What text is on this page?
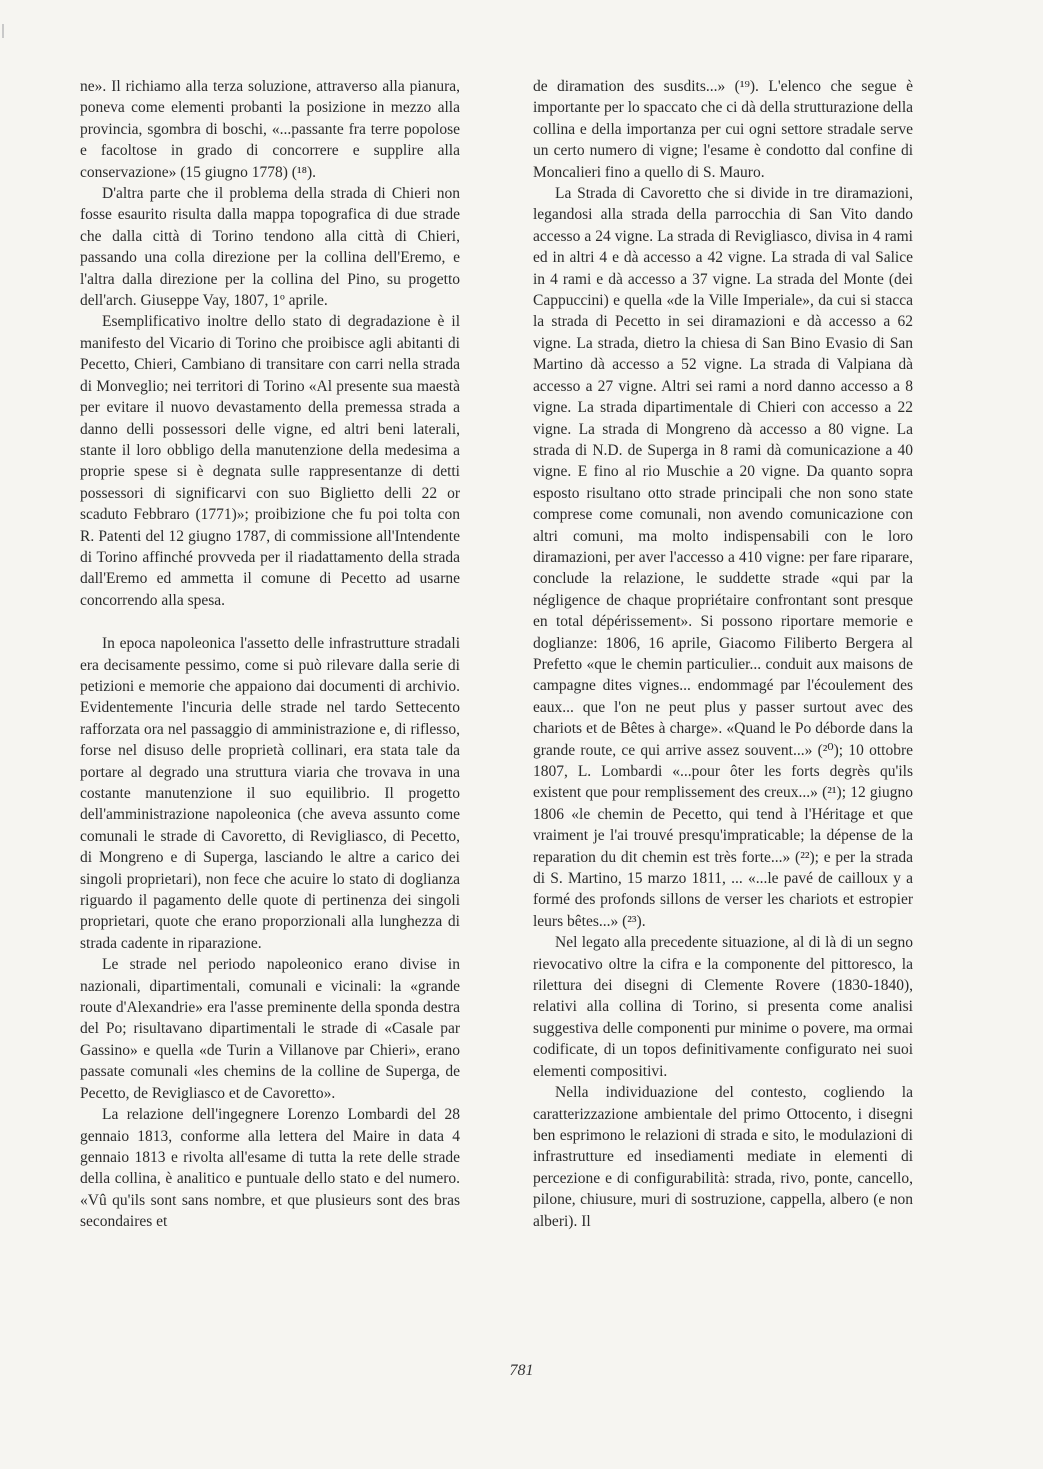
ne». Il richiamo alla terza soluzione, attraverso alla pianura, poneva come elementi probanti la posizione in mezzo alla provincia, sgombra di boschi, «...passante fra terre popolose e facoltose in grado di concorrere e supplire alla conservazione» (15 giugno 1778) (¹⁸).

D'altra parte che il problema della strada di Chieri non fosse esaurito risulta dalla mappa topografica di due strade che dalla città di Torino tendono alla città di Chieri, passando una colla direzione per la collina dell'Eremo, e l'altra dalla direzione per la collina del Pino, su progetto dell'arch. Giuseppe Vay, 1807, 1º aprile.

Esemplificativo inoltre dello stato di degradazione è il manifesto del Vicario di Torino che proibisce agli abitanti di Pecetto, Chieri, Cambiano di transitare con carri nella strada di Monveglio; nei territori di Torino «Al presente sua maestà per evitare il nuovo devastamento della premessa strada a danno delli possessori delle vigne, ed altri beni laterali, stante il loro obbligo della manutenzione della medesima a proprie spese si è degnata sulle rappresentanze di detti possessori di significarvi con suo Biglietto delli 22 or scaduto Febbraro (1771)»; proibizione che fu poi tolta con R. Patenti del 12 giugno 1787, di commissione all'Intendente di Torino affinché provveda per il riadattamento della strada dall'Eremo ed ammetta il comune di Pecetto ad usarne concorrendo alla spesa.

In epoca napoleonica l'assetto delle infrastrutture stradali era decisamente pessimo, come si può rilevare dalla serie di petizioni e memorie che appaiono dai documenti di archivio. Evidentemente l'incuria delle strade nel tardo Settecento rafforzata ora nel passaggio di amministrazione e, di riflesso, forse nel disuso delle proprietà collinari, era stata tale da portare al degrado una struttura viaria che trovava in una costante manutenzione il suo equilibrio. Il progetto dell'amministrazione napoleonica (che aveva assunto come comunali le strade di Cavoretto, di Revigliasco, di Pecetto, di Mongreno e di Superga, lasciando le altre a carico dei singoli proprietari), non fece che acuire lo stato di doglianza riguardo il pagamento delle quote di pertinenza dei singoli proprietari, quote che erano proporzionali alla lunghezza di strada cadente in riparazione.

Le strade nel periodo napoleonico erano divise in nazionali, dipartimentali, comunali e vicinali: la «grande route d'Alexandrie» era l'asse preminente della sponda destra del Po; risultavano dipartimentali le strade di «Casale par Gassino» e quella «de Turin a Villanove par Chieri», erano passate comunali «les chemins de la colline de Superga, de Pecetto, de Revigliasco et de Cavoretto».

La relazione dell'ingegnere Lorenzo Lombardi del 28 gennaio 1813, conforme alla lettera del Maire in data 4 gennaio 1813 e rivolta all'esame di tutta la rete delle strade della collina, è analitico e puntuale dello stato e del numero. «Vû qu'ils sont sans nombre, et que plusieurs sont des bras secondaires et

de diramation des susdits...» (¹⁹). L'elenco che segue è importante per lo spaccato che ci dà della strutturazione della collina e della importanza per cui ogni settore stradale serve un certo numero di vigne; l'esame è condotto dal confine di Moncalieri fino a quello di S. Mauro.

La Strada di Cavoretto che si divide in tre diramazioni, legandosi alla strada della parrocchia di San Vito dando accesso a 24 vigne. La strada di Revigliasco, divisa in 4 rami ed in altri 4 e dà accesso a 42 vigne. La strada di val Salice in 4 rami e dà accesso a 37 vigne. La strada del Monte (dei Cappuccini) e quella «de la Ville Imperiale», da cui si stacca la strada di Pecetto in sei diramazioni e dà accesso a 62 vigne. La strada, dietro la chiesa di San Bino Evasio di San Martino dà accesso a 52 vigne. La strada di Valpiana dà accesso a 27 vigne. Altri sei rami a nord danno accesso a 8 vigne. La strada dipartimentale di Chieri con accesso a 22 vigne. La strada di Mongreno dà accesso a 80 vigne. La strada di N.D. de Superga in 8 rami dà comunicazione a 40 vigne. E fino al rio Muschie a 20 vigne. Da quanto sopra esposto risultano otto strade principali che non sono state comprese come comunali, non avendo comunicazione con altri comuni, ma molto indispensabili con le loro diramazioni, per aver l'accesso a 410 vigne: per fare riparare, conclude la relazione, le suddette strade «qui par la négligence de chaque propriétaire confrontant sont presque en total dépérissement». Si possono riportare memorie e doglianze: 1806, 16 aprile, Giacomo Filiberto Bergera al Prefetto «que le chemin particulier... conduit aux maisons de campagne dites vignes... endommagé par l'écoulement des eaux... que l'on ne peut plus y passer surtout avec des chariots et de Bêtes à charge». «Quand le Po déborde dans la grande route, ce qui arrive assez souvent...» (²⁰); 10 ottobre 1807, L. Lombardi «...pour ôter les forts degrès qu'ils existent que pour remplissement des creux...» (²¹); 12 giugno 1806 «le chemin de Pecetto, qui tend à l'Héritage et que vraiment je l'ai trouvé presqu'impraticable; la dépense de la reparation du dit chemin est très forte...» (²²); e per la strada di S. Martino, 15 marzo 1811, ... «...le pavé de cailloux y a formé des profonds sillons de verser les chariots et estropier leurs bêtes...» (²³).

Nel legato alla precedente situazione, al di là di un segno rievocativo oltre la cifra e la componente del pittoresco, la rilettura dei disegni di Clemente Rovere (1830-1840), relativi alla collina di Torino, si presenta come analisi suggestiva delle componenti pur minime o povere, ma ormai codificate, di un topos definitivamente configurato nei suoi elementi compositivi.

Nella individuazione del contesto, cogliendo la caratterizzazione ambientale del primo Ottocento, i disegni ben esprimono le relazioni di strada e sito, le modulazioni di infrastrutture ed insediamenti mediate in elementi di percezione e di configurabilità: strada, rivo, ponte, cancello, pilone, chiusure, muri di sostruzione, cappella, albero (e non alberi). Il

781
